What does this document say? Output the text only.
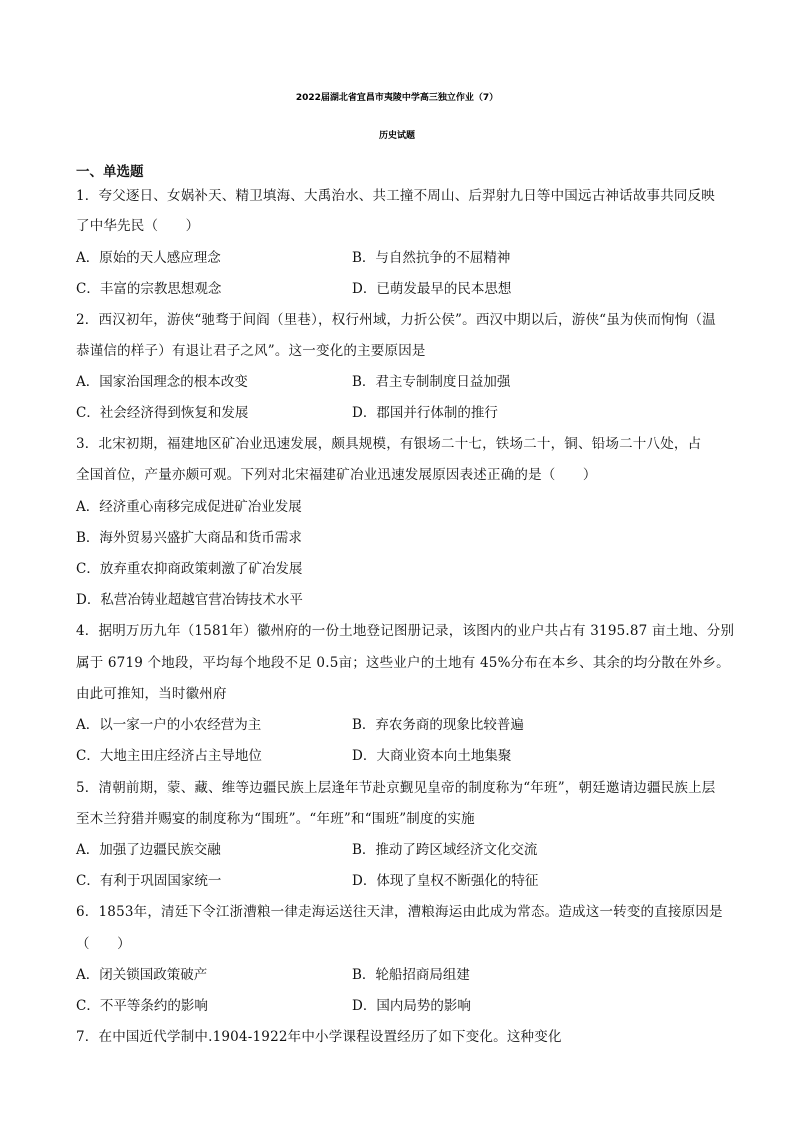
2022届湖北省宜昌市夷陵中学高三独立作业（7）
历史试题
一、单选题
1．夸父逐日、女娲补天、精卫填海、大禹治水、共工撞不周山、后羿射九日等中国远古神话故事共同反映
了中华先民（　　）
A．原始的天人感应理念	B．与自然抗争的不屈精神
C．丰富的宗教思想观念	D．已萌发最早的民本思想
2．西汉初年，游侠“驰骛于间阎（里巷），权行州域，力折公侯”。西汉中期以后，游侠“虽为侠而恂恂（温
恭谨信的样子）有退让君子之风”。这一变化的主要原因是
A．国家治国理念的根本改变	B．君主专制制度日益加强
C．社会经济得到恢复和发展	D．郡国并行体制的推行
3．北宋初期，福建地区矿冶业迅速发展，颇具规模，有银场二十七，铁场二十，铜、铅场二十八处，占
全国首位，产量亦颇可观。下列对北宋福建矿冶业迅速发展原因表述正确的是（　　）
A．经济重心南移完成促进矿冶业发展
B．海外贸易兴盛扩大商品和货币需求
C．放弃重农抑商政策刺激了矿冶发展
D．私营冶铸业超越官营冶铸技术水平
4．据明万历九年（1581年）徽州府的一份土地登记图册记录，该图内的业户共占有 3195.87 亩土地、分别
属于 6719 个地段，平均每个地段不足 0.5亩；这些业户的土地有 45%分布在本乡、其余的均分散在外乡。
由此可推知，当时徽州府
A．以一家一户的小农经营为主	B．弃农务商的现象比较普遍
C．大地主田庄经济占主导地位	D．大商业资本向土地集聚
5．清朝前期，蒙、藏、维等边疆民族上层逢年节赴京觐见皇帝的制度称为“年班”，朝廷邀请边疆民族上层
至木兰狩猎并赐宴的制度称为“围班”。“年班”和“围班”制度的实施
A．加强了边疆民族交融	B．推动了跨区域经济文化交流
C．有利于巩固国家统一	D．体现了皇权不断强化的特征
6．1853年，清廷下令江浙漕粮一律走海运送往天津，漕粮海运由此成为常态。造成这一转变的直接原因是
（　　）
A．闭关锁国政策破产	B．轮船招商局组建
C．不平等条约的影响	D．国内局势的影响
7．在中国近代学制中.1904-1922年中小学课程设置经历了如下变化。这种变化
